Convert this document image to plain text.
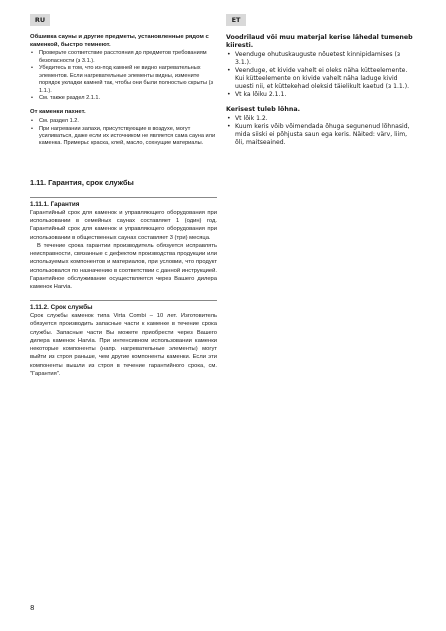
RU	ET
Обшивка сауны и другие предметы, установленные рядом с каменкой, быстро темнеют.
• Проверьте соответствие расстояния до предметов требованиям безопасности (з 3.1.).
• Убедитесь в том, что из-под камней не видно нагревательных элементов. Если нагревательные элементы видны, измените порядок укладки камней так, чтобы они были полностью скрыты (з 1.1.).
• См. также раздел 2.1.1.
От каменки пахнет.
• См. раздел 1.2.
• При нагревании запахи, присутствующие в воздухе, могут усиливаться, даже если их источником не является сама сауна или каменка. Примеры: краска, клей, масло, сохнущие материалы.
Voodrilaud või muu materjal kerise lähedal tumeneb kiiresti.
• Veenduge ohutuskauguste nõuetest kinnipidamises (з 3.1.).
• Veenduge, et kivide vahelt ei oleks näha kütteelemente. Kui kütteelemente on kivide vahelt näha laduge kivid uuesti nii, et küttekehad oleksid täielikult kaetud (з 1.1.).
• Vt ka lõiku 2.1.1.
Kerisest tuleb lõhna.
• Vt lõik 1.2.
• Kuum keris võib võimendada õhuga segunenud lõhnasid, mida siiski ei põhjusta saun ega keris. Näited: värv, liim, õli, maitseained.
1.11. Гарантия, срок службы
1.11.1. Гарантия

Гарантийный срок для каменок и управляющего оборудования при использовании в семейных саунах составляет 1 (один) год. Гарантийный срок для каменок и управляющего оборудования при использовании в общественных саунах составляет 3 (три) месяца.

В течение срока гарантии производитель обязуется исправлять неисправности, связанные с дефектом производства продукции или используемых компонентов и материалов, при условии, что продукт использовался по назначению в соответствии с данной инструкцией. Гарантийное обслуживание осуществляется через Вашего дилера каменок Harvia.

1.11.2. Срок службы

Срок службы каменок типа Virta Combi – 10 лет. Изготовитель обязуется производить запасные части к каменке в течение срока службы. Запасные части Вы можете приобрести через Вашего дилера каменок Harvia. При интенсивном использовании каменки некоторые компоненты (напр. нагревательные элементы) могут выйти из строя раньше, чем другие компоненты каменки. Если эти компоненты вышли из строя в течение гарантийного срока, см. "Гарантия".

8
